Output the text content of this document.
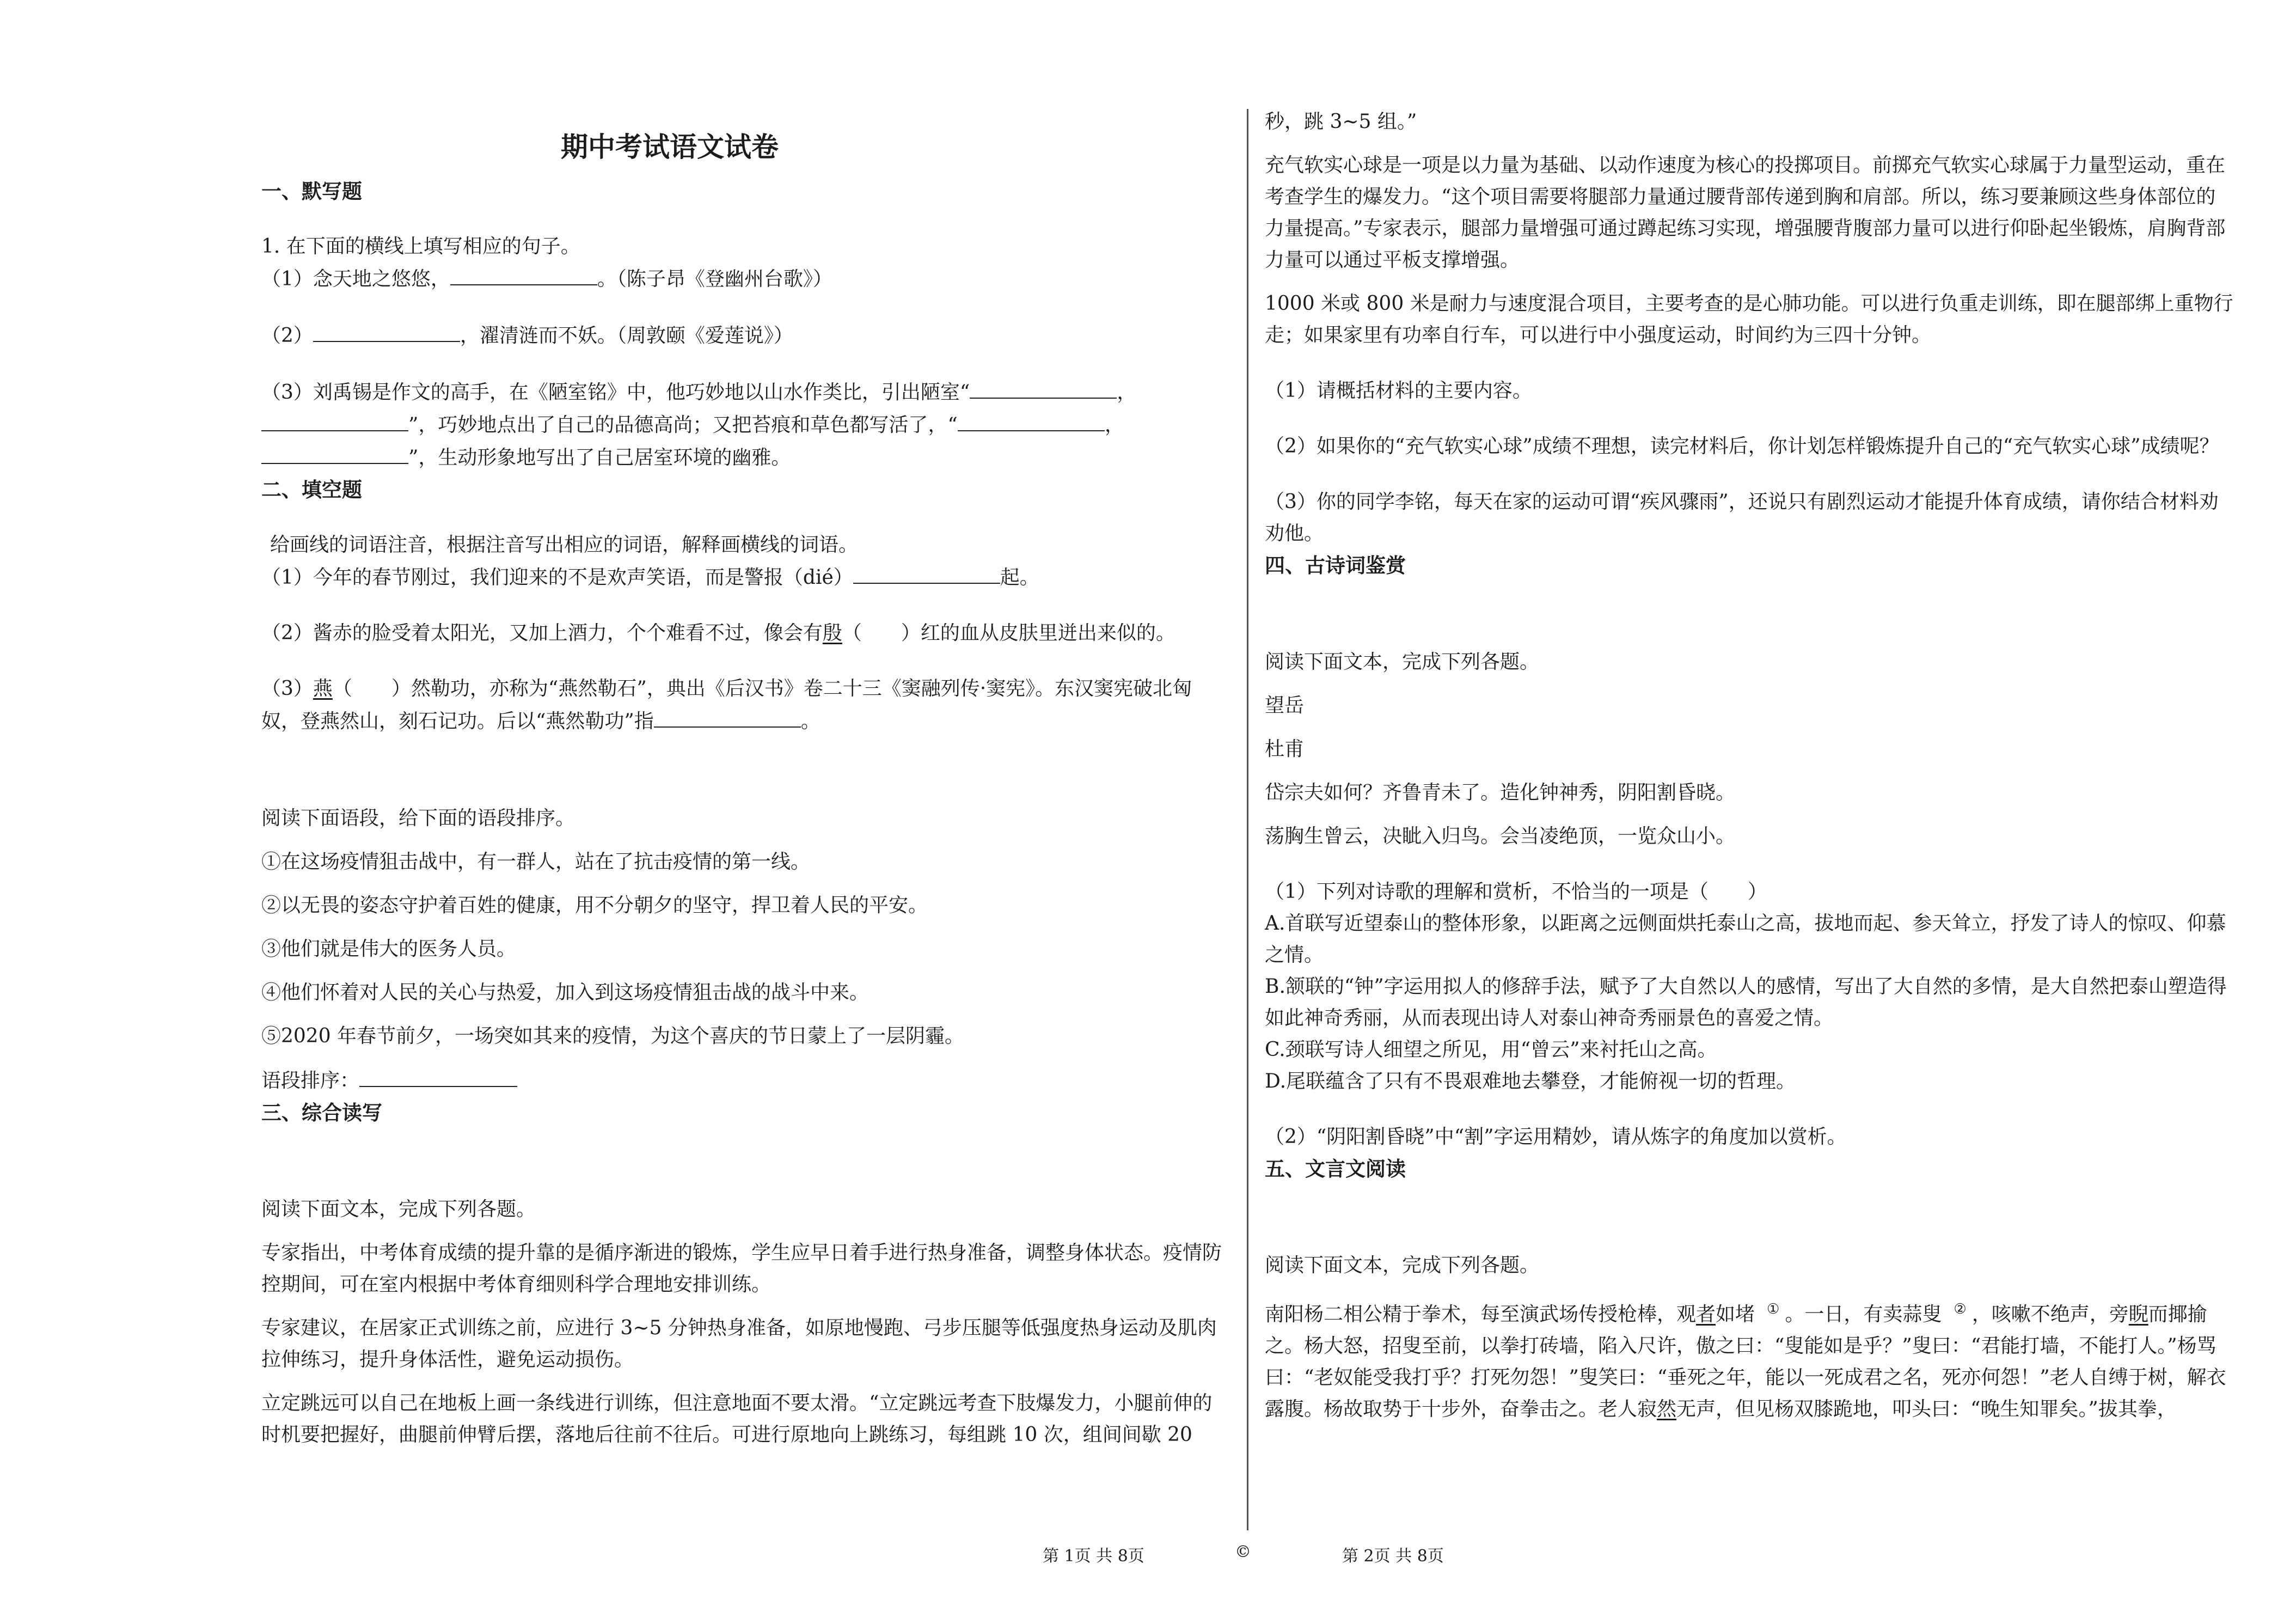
期中考试语文试卷

一、默写题

1. 在下面的横线上填写相应的句子。

（1）念天地之悠悠，	。（陈子昂《登幽州台歌》）

（2）	，濯清涟而不妖。（周敦颐《爱莲说》）

（3）刘禹锡是作文的高手，在《陋室铭》中，他巧妙地以山水作类比，引出陋室“	，
”，巧妙地点出了自己的品德高尚；又把苔痕和草色都写活了，“	，
”，生动形象地写出了自己居室环境的幽雅。

二、填空题

给画线的词语注音，根据注音写出相应的词语，解释画横线的词语。

（1）今年的春节刚过，我们迎来的不是欢声笑语，而是警报（dié）	起。

（2）酱赤的脸受着太阳光，又加上酒力，个个难看不过，像会有殷（　　）红的血从皮肤里迸出来似的。

（3）燕（　　）然勒功，亦称为“燕然勒石”，典出《后汉书》卷二十三《窦融列传·窦宪》。东汉窦宪破北匈奴，登燕然山，刻石记功。后以“燕然勒功”指	。

阅读下面语段，给下面的语段排序。

①在这场疫情狙击战中，有一群人，站在了抗击疫情的第一线。

②以无畏的姿态守护着百姓的健康，用不分朝夕的坚守，捍卫着人民的平安。

③他们就是伟大的医务人员。

④他们怀着对人民的关心与热爱，加入到这场疫情狙击战的战斗中来。

⑤2020 年春节前夕，一场突如其来的疫情，为这个喜庆的节日蒙上了一层阴霾。

语段排序：

三、综合读写

阅读下面文本，完成下列各题。

专家指出，中考体育成绩的提升靠的是循序渐进的锻炼，学生应早日着手进行热身准备，调整身体状态。疫情防控期间，可在室内根据中考体育细则科学合理地安排训练。

专家建议，在居家正式训练之前，应进行 3~5 分钟热身准备，如原地慢跑、弓步压腿等低强度热身运动及肌肉拉伸练习，提升身体活性，避免运动损伤。

立定跳远可以自己在地板上画一条线进行训练，但注意地面不要太滑。“立定跳远考查下肢爆发力，小腿前伸的时机要把握好，曲腿前伸臂后摆，落地后往前不往后。可进行原地向上跳练习，每组跳 10 次，组间间歇 20

秒，跳 3~5 组。”

充气软实心球是一项是以力量为基础、以动作速度为核心的投掷项目。前掷充气软实心球属于力量型运动，重在考查学生的爆发力。“这个项目需要将腿部力量通过腰背部传递到胸和肩部。所以，练习要兼顾这些身体部位的力量提高。”专家表示，腿部力量增强可通过蹲起练习实现，增强腰背腹部力量可以进行仰卧起坐锻炼，肩胸背部力量可以通过平板支撑增强。

1000 米或 800 米是耐力与速度混合项目，主要考查的是心肺功能。可以进行负重走训练，即在腿部绑上重物行走；如果家里有功率自行车，可以进行中小强度运动，时间约为三四十分钟。

（1）请概括材料的主要内容。

（2）如果你的“充气软实心球”成绩不理想，读完材料后，你计划怎样锻炼提升自己的“充气软实心球”成绩呢？

（3）你的同学李铭，每天在家的运动可谓“疾风骤雨”，还说只有剧烈运动才能提升体育成绩，请你结合材料劝劝他。

四、古诗词鉴赏

阅读下面文本，完成下列各题。

望岳

杜甫

岱宗夫如何？齐鲁青未了。造化钟神秀，阴阳割昏晓。

荡胸生曾云，决眦入归鸟。会当凌绝顶，一览众山小。

（1）下列对诗歌的理解和赏析，不恰当的一项是（　　）

A.首联写近望泰山的整体形象，以距离之远侧面烘托泰山之高，拔地而起、参天耸立，抒发了诗人的惊叹、仰慕之情。

B.颔联的“钟”字运用拟人的修辞手法，赋予了大自然以人的感情，写出了大自然的多情，是大自然把泰山塑造得如此神奇秀丽，从而表现出诗人对泰山神奇秀丽景色的喜爱之情。

C.颈联写诗人细望之所见，用“曾云”来衬托山之高。

D.尾联蕴含了只有不畏艰难地去攀登，才能俯视一切的哲理。

（2）“阴阳割昏晓”中“割”字运用精妙，请从炼字的角度加以赏析。

五、文言文阅读

阅读下面文本，完成下列各题。

南阳杨二相公精于拳术，每至演武场传授枪棒，观者如堵 ① 。一日，有卖蒜叟 ② ，咳嗽不绝声，旁睨而揶揄之。杨大怒，招叟至前，以拳打砖墙，陷入尺许，傲之曰：“叟能如是乎？”叟曰：“君能打墙，不能打人。”杨骂曰：“老奴能受我打乎？打死勿怨！”叟笑曰：“垂死之年，能以一死成君之名，死亦何怨！”老人自缚于树，解衣露腹。杨故取势于十步外，奋拳击之。老人寂然无声，但见杨双膝跪地，叩头曰：“晚生知罪矣。”拔其拳，

第 1页 共 8页	©	第 2页 共 8页
